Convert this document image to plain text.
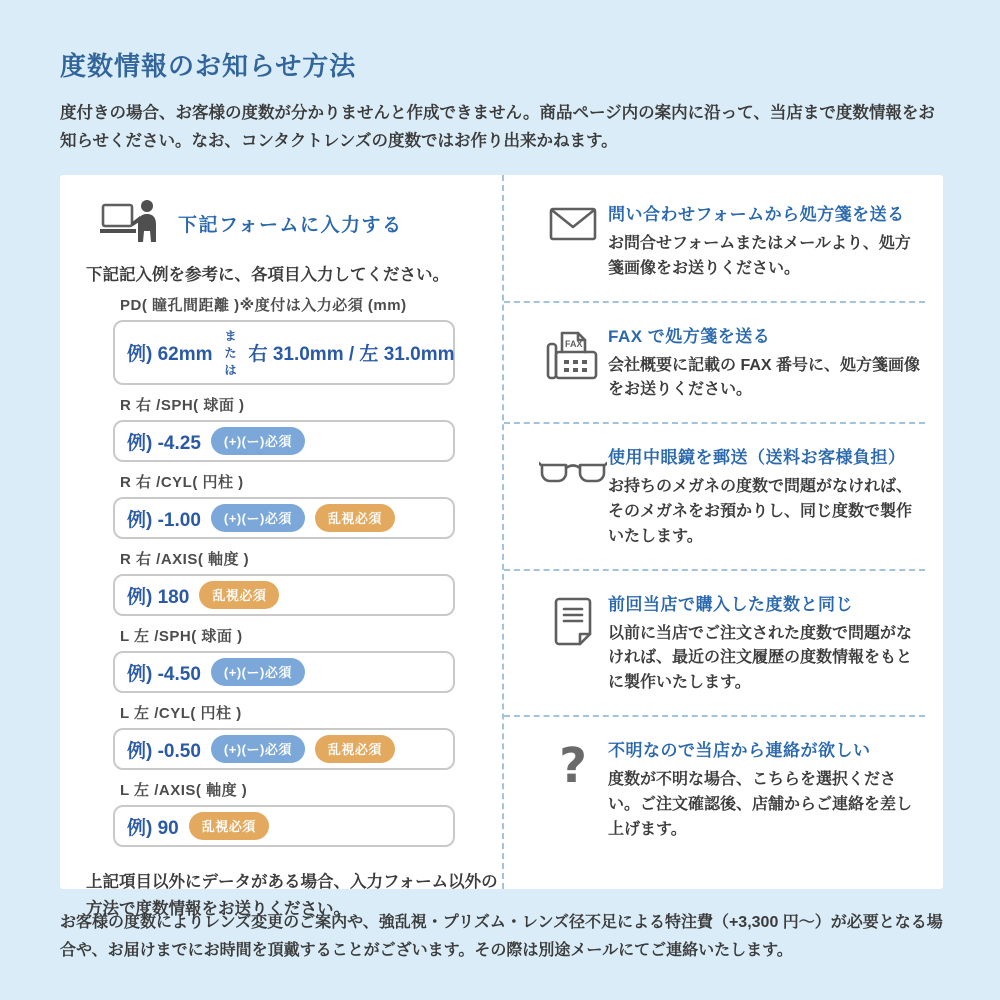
度数情報のお知らせ方法

度付きの場合、お客様の度数が分かりませんと作成できません。商品ページ内の案内に沿って、当店まで度数情報をお知らせください。なお、コンタクトレンズの度数ではお作り出来かねます。

下記フォームに入力する

下記記入例を参考に、各項目入力してください。

PD( 瞳孔間距離 )※度付は入力必須 (mm)
例) 62mm
または
右 31.0mm / 左 31.0mm
R 右 /SPH( 球面 )
例) -4.25	(+)(ー)必須
R 右 /CYL( 円柱 )
例) -1.00	(+)(ー)必須	乱視必須
R 右 /AXIS( 軸度 )
例) 180	乱視必須
L 左 /SPH( 球面 )
例) -4.50	(+)(ー)必須
L 左 /CYL( 円柱 )
例) -0.50	(+)(ー)必須	乱視必須
L 左 /AXIS( 軸度 )
例) 90	乱視必須

上記項目以外にデータがある場合、入力フォーム以外の方法で度数情報をお送りください。

問い合わせフォームから処方箋を送る
お問合せフォームまたはメールより、処方箋画像をお送りください。
FAX FAX で処方箋を送る
会社概要に記載の FAX 番号に、処方箋画像をお送りください。
使用中眼鏡を郵送（送料お客様負担）
お持ちのメガネの度数で問題がなければ、そのメガネをお預かりし、同じ度数で製作いたします。
前回当店で購入した度数と同じ
以前に当店でご注文された度数で問題がなければ、最近の注文履歴の度数情報をもとに製作いたします。
? 不明なので当店から連絡が欲しい
度数が不明な場合、こちらを選択ください。ご注文確認後、店舗からご連絡を差し上げます。

お客様の度数によりレンズ変更のご案内や、強乱視・プリズム・レンズ径不足による特注費（+3,300 円〜）が必要となる場合や、お届けまでにお時間を頂戴することがございます。その際は別途メールにてご連絡いたします。
